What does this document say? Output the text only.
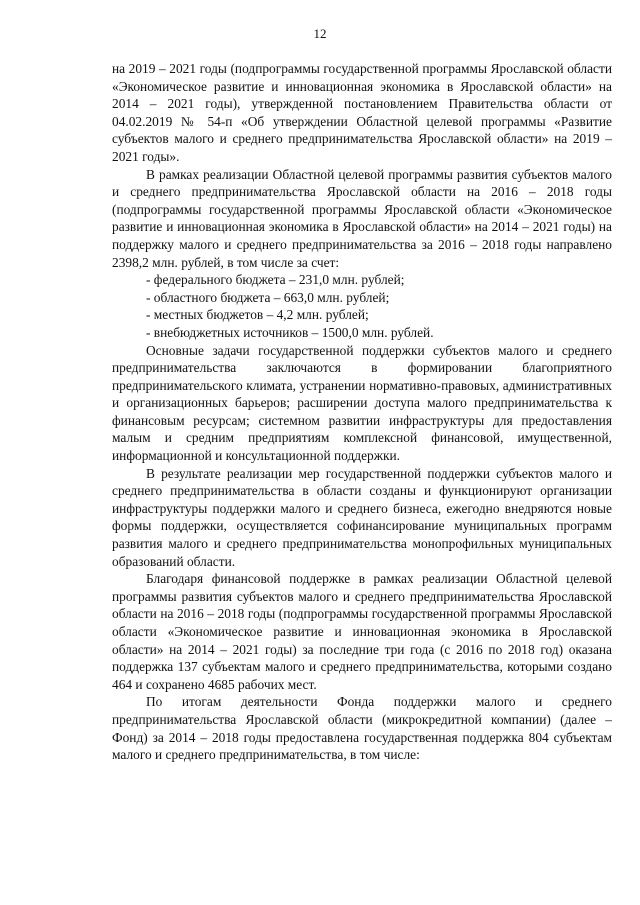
12

на 2019 – 2021 годы (подпрограммы государственной программы Ярославской области «Экономическое развитие и инновационная экономика в Ярославской области» на 2014 – 2021 годы), утвержденной постановлением Правительства области от 04.02.2019 № 54-п «Об утверждении Областной целевой программы «Развитие субъектов малого и среднего предпринимательства Ярославской области» на 2019 – 2021 годы».

В рамках реализации Областной целевой программы развития субъектов малого и среднего предпринимательства Ярославской области на 2016 – 2018 годы (подпрограммы государственной программы Ярославской области «Экономическое развитие и инновационная экономика в Ярославской области» на 2014 – 2021 годы) на поддержку малого и среднего предпринимательства за 2016 – 2018 годы направлено 2398,2 млн. рублей, в том числе за счет:

- федерального бюджета – 231,0 млн. рублей;
- областного бюджета – 663,0 млн. рублей;
- местных бюджетов – 4,2 млн. рублей;
- внебюджетных источников – 1500,0 млн. рублей.

Основные задачи государственной поддержки субъектов малого и среднего предпринимательства заключаются в формировании благоприятного предпринимательского климата, устранении нормативно-правовых, административных и организационных барьеров; расширении доступа малого предпринимательства к финансовым ресурсам; системном развитии инфраструктуры для предоставления малым и средним предприятиям комплексной финансовой, имущественной, информационной и консультационной поддержки.

В результате реализации мер государственной поддержки субъектов малого и среднего предпринимательства в области созданы и функционируют организации инфраструктуры поддержки малого и среднего бизнеса, ежегодно внедряются новые формы поддержки, осуществляется софинансирование муниципальных программ развития малого и среднего предпринимательства монопрофильных муниципальных образований области.

Благодаря финансовой поддержке в рамках реализации Областной целевой программы развития субъектов малого и среднего предпринимательства Ярославской области на 2016 – 2018 годы (подпрограммы государственной программы Ярославской области «Экономическое развитие и инновационная экономика в Ярославской области» на 2014 – 2021 годы) за последние три года (с 2016 по 2018 год) оказана поддержка 137 субъектам малого и среднего предпринимательства, которыми создано 464 и сохранено 4685 рабочих мест.

По итогам деятельности Фонда поддержки малого и среднего предпринимательства Ярославской области (микрокредитной компании) (далее – Фонд) за 2014 – 2018 годы предоставлена государственная поддержка 804 субъектам малого и среднего предпринимательства, в том числе:
